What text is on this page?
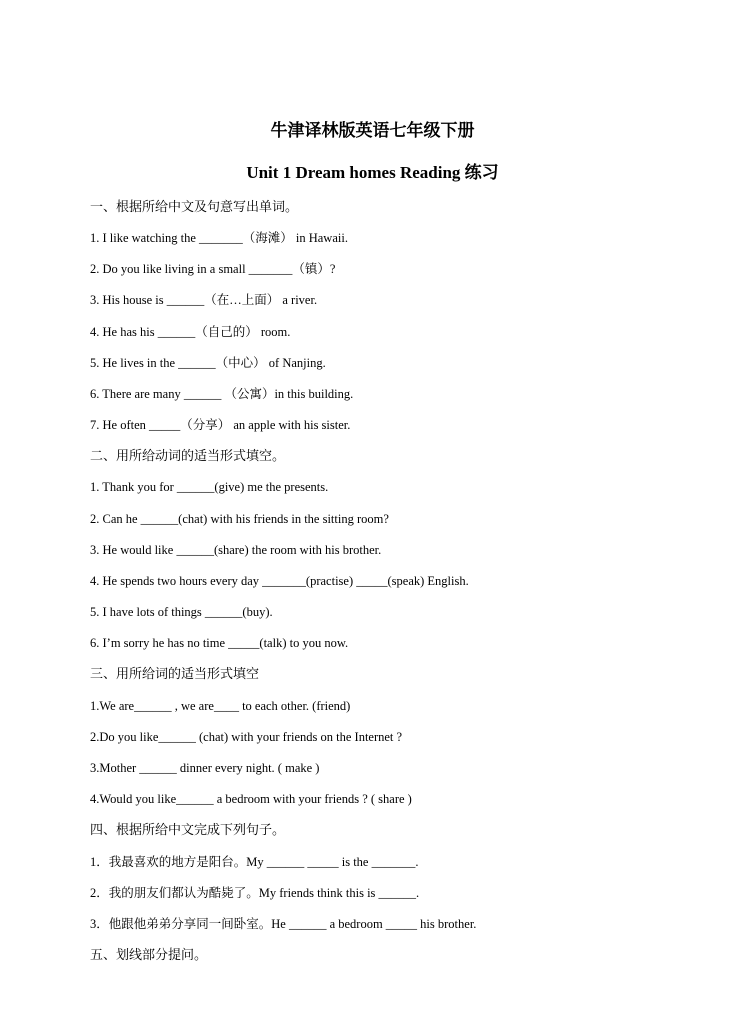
牛津译林版英语七年级下册
Unit 1 Dream homes Reading 练习
一、根据所给中文及句意写出单词。
1. I like watching the _______（海滩） in Hawaii.
2. Do you like living in a small _______（镇）?
3. His house is ______（在…上面） a river.
4. He has his ______（自己的） room.
5. He lives in the ______（中心） of Nanjing.
6. There are many ______ （公寓）in this building.
7. He often _____（分享） an apple with his sister.
二、用所给动词的适当形式填空。
1. Thank you for ______(give) me the presents.
2. Can he ______(chat) with his friends in the sitting room?
3. He would like ______(share) the room with his brother.
4. He spends two hours every day _______(practise) _____(speak) English.
5. I have lots of things ______(buy).
6. I’m sorry he has no time _____(talk) to you now.
三、用所给词的适当形式填空
1.We are______ , we are____ to each other. (friend)
2.Do you like______ (chat) with your friends on the Internet ?
3.Mother ______ dinner every night. ( make )
4.Would you like______ a bedroom with your friends ? ( share )
四、根据所给中文完成下列句子。
1．我最喜欢的地方是阳台。My ______ _____ is the _______.
2．我的朋友们都认为酷毙了。My friends think this is ______.
3．他跟他弟弟分享同一间卧室。He ______ a bedroom _____ his brother.
五、划线部分提问。
